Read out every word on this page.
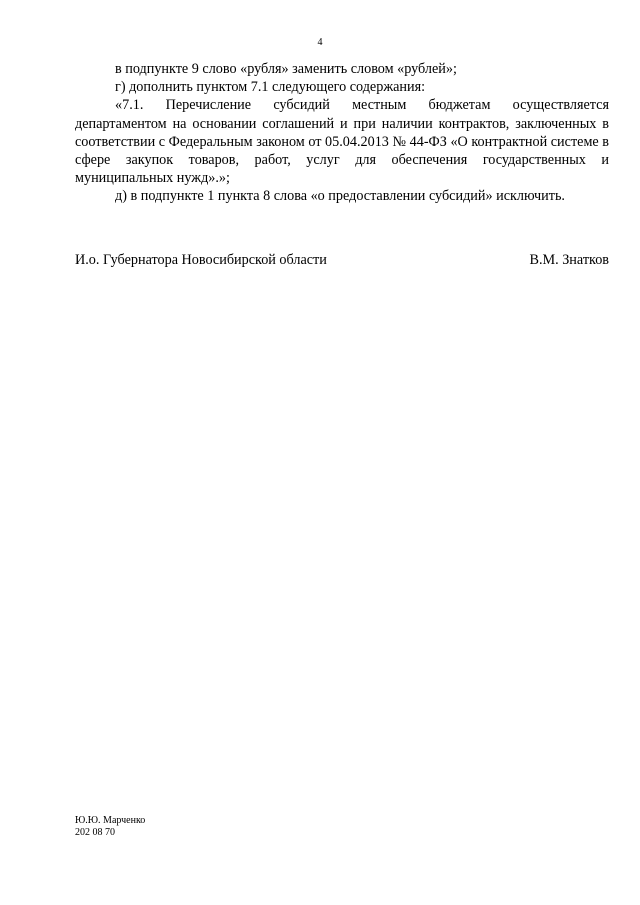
4

в подпункте 9 слово «рубля» заменить словом «рублей»;

г) дополнить пунктом 7.1 следующего содержания:

«7.1. Перечисление субсидий местным бюджетам осуществляется департаментом на основании соглашений и при наличии контрактов, заключенных в соответствии с Федеральным законом от 05.04.2013 № 44-ФЗ «О контрактной системе в сфере закупок товаров, работ, услуг для обеспечения государственных и муниципальных нужд».»;

д) в подпункте 1 пункта 8 слова «о предоставлении субсидий» исключить.

И.о. Губернатора Новосибирской области	В.М. Знатков
Ю.Ю. Марченко
202 08 70
